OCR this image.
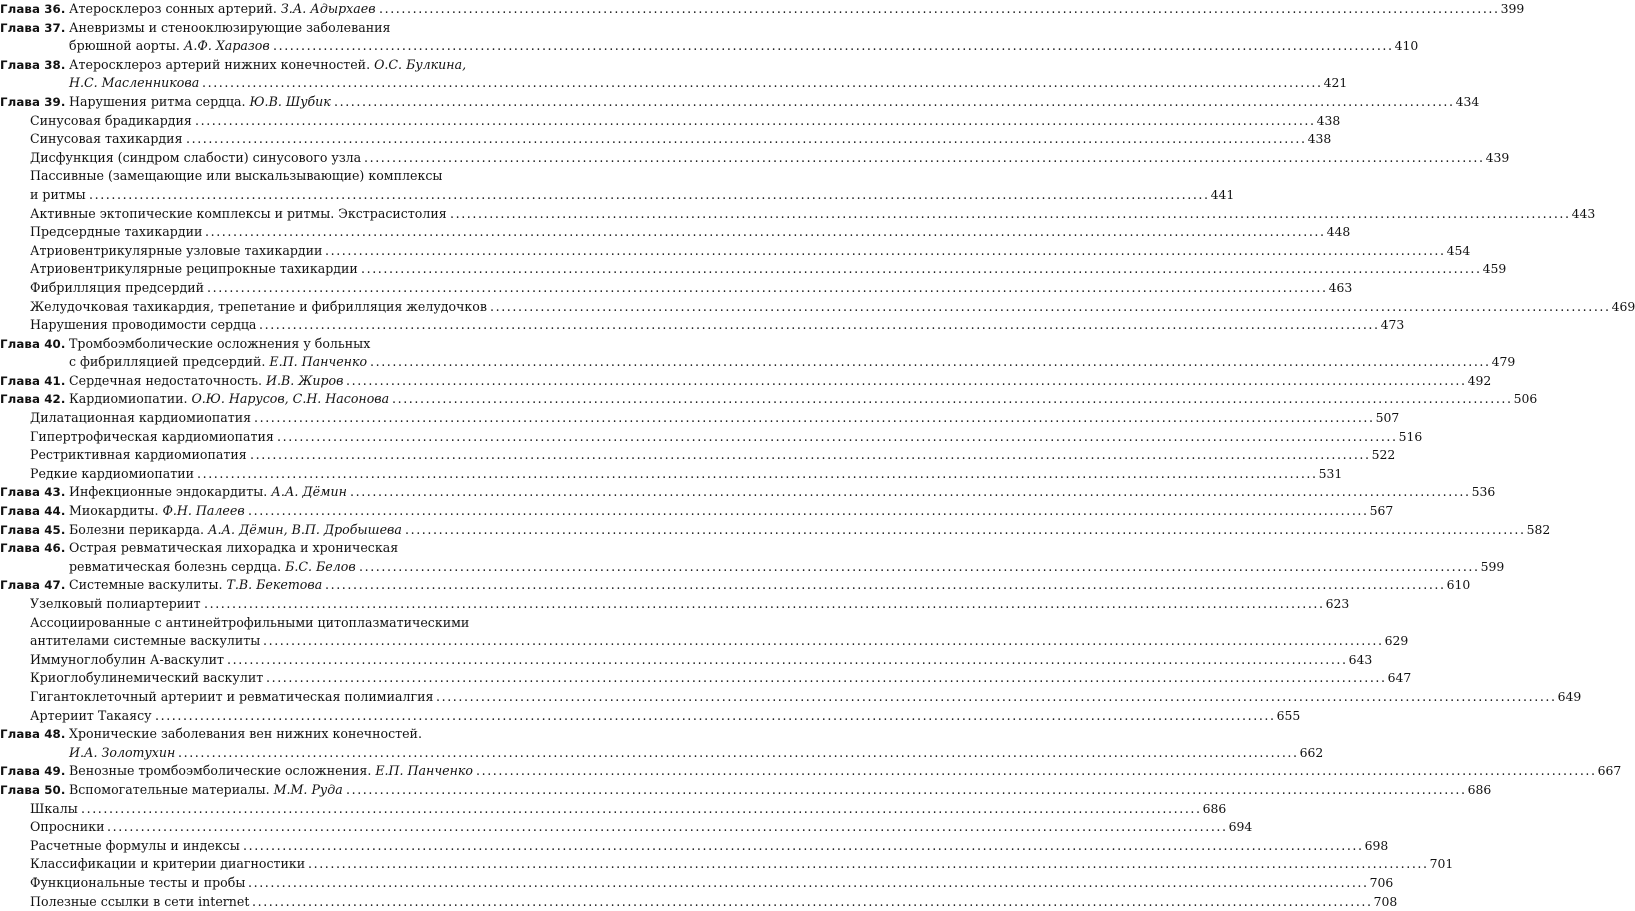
Глава 36. Атеросклероз сонных артерий. З.А. Адырхаев ........................................................................................................................................................................................................ 399
Глава 37. Аневризмы и стенооклюзирующие заболевания
брюшной аорты. А.Ф. Харазов ........................................................................................................................................................................................................ 410
Глава 38. Атеросклероз артерий нижних конечностей. О.С. Булкина,
Н.С. Масленникова ........................................................................................................................................................................................................ 421
Глава 39. Нарушения ритма сердца. Ю.В. Шубик ........................................................................................................................................................................................................ 434
Синусовая брадикардия ........................................................................................................................................................................................................ 438
Синусовая тахикардия ........................................................................................................................................................................................................ 438
Дисфункция (синдром слабости) синусового узла ........................................................................................................................................................................................................ 439
Пассивные (замещающие или выскальзывающие) комплексы
и ритмы ........................................................................................................................................................................................................ 441
Активные эктопические комплексы и ритмы. Экстрасистолия ........................................................................................................................................................................................................ 443
Предсердные тахикардии ........................................................................................................................................................................................................ 448
Атриовентрикулярные узловые тахикардии ........................................................................................................................................................................................................ 454
Атриовентрикулярные реципрокные тахикардии ........................................................................................................................................................................................................ 459
Фибрилляция предсердий ........................................................................................................................................................................................................ 463
Желудочковая тахикардия, трепетание и фибрилляция желудочков ........................................................................................................................................................................................................ 469
Нарушения проводимости сердца ........................................................................................................................................................................................................ 473
Глава 40. Тромбоэмболические осложнения у больных
с фибрилляцией предсердий. Е.П. Панченко ........................................................................................................................................................................................................ 479
Глава 41. Сердечная недостаточность. И.В. Жиров ........................................................................................................................................................................................................ 492
Глава 42. Кардиомиопатии. О.Ю. Нарусов, С.Н. Насонова ........................................................................................................................................................................................................ 506
Дилатационная кардиомиопатия ........................................................................................................................................................................................................ 507
Гипертрофическая кардиомиопатия ........................................................................................................................................................................................................ 516
Рестриктивная кардиомиопатия ........................................................................................................................................................................................................ 522
Редкие кардиомиопатии ........................................................................................................................................................................................................ 531
Глава 43. Инфекционные эндокардиты. А.А. Дёмин ........................................................................................................................................................................................................ 536
Глава 44. Миокардиты. Ф.Н. Палеев ........................................................................................................................................................................................................ 567
Глава 45. Болезни перикарда. А.А. Дёмин, В.П. Дробышева ........................................................................................................................................................................................................ 582
Глава 46. Острая ревматическая лихорадка и хроническая
ревматическая болезнь сердца. Б.С. Белов ........................................................................................................................................................................................................ 599
Глава 47. Системные васкулиты. Т.В. Бекетова ........................................................................................................................................................................................................ 610
Узелковый полиартериит ........................................................................................................................................................................................................ 623
Ассоциированные с антинейтрофильными цитоплазматическими
антителами системные васкулиты ........................................................................................................................................................................................................ 629
Иммуноглобулин А-васкулит ........................................................................................................................................................................................................ 643
Криоглобулинемический васкулит ........................................................................................................................................................................................................ 647
Гигантоклеточный артериит и ревматическая полимиалгия ........................................................................................................................................................................................................ 649
Артериит Такаясу ........................................................................................................................................................................................................ 655
Глава 48. Хронические заболевания вен нижних конечностей.
И.А. Золотухин ........................................................................................................................................................................................................ 662
Глава 49. Венозные тромбоэмболические осложнения. Е.П. Панченко ........................................................................................................................................................................................................ 667
Глава 50. Вспомогательные материалы. М.М. Руда ........................................................................................................................................................................................................ 686
Шкалы ........................................................................................................................................................................................................ 686
Опросники ........................................................................................................................................................................................................ 694
Расчетные формулы и индексы ........................................................................................................................................................................................................ 698
Классификации и критерии диагностики ........................................................................................................................................................................................................ 701
Функциональные тесты и пробы ........................................................................................................................................................................................................ 706
Полезные ссылки в сети internet ........................................................................................................................................................................................................ 708
